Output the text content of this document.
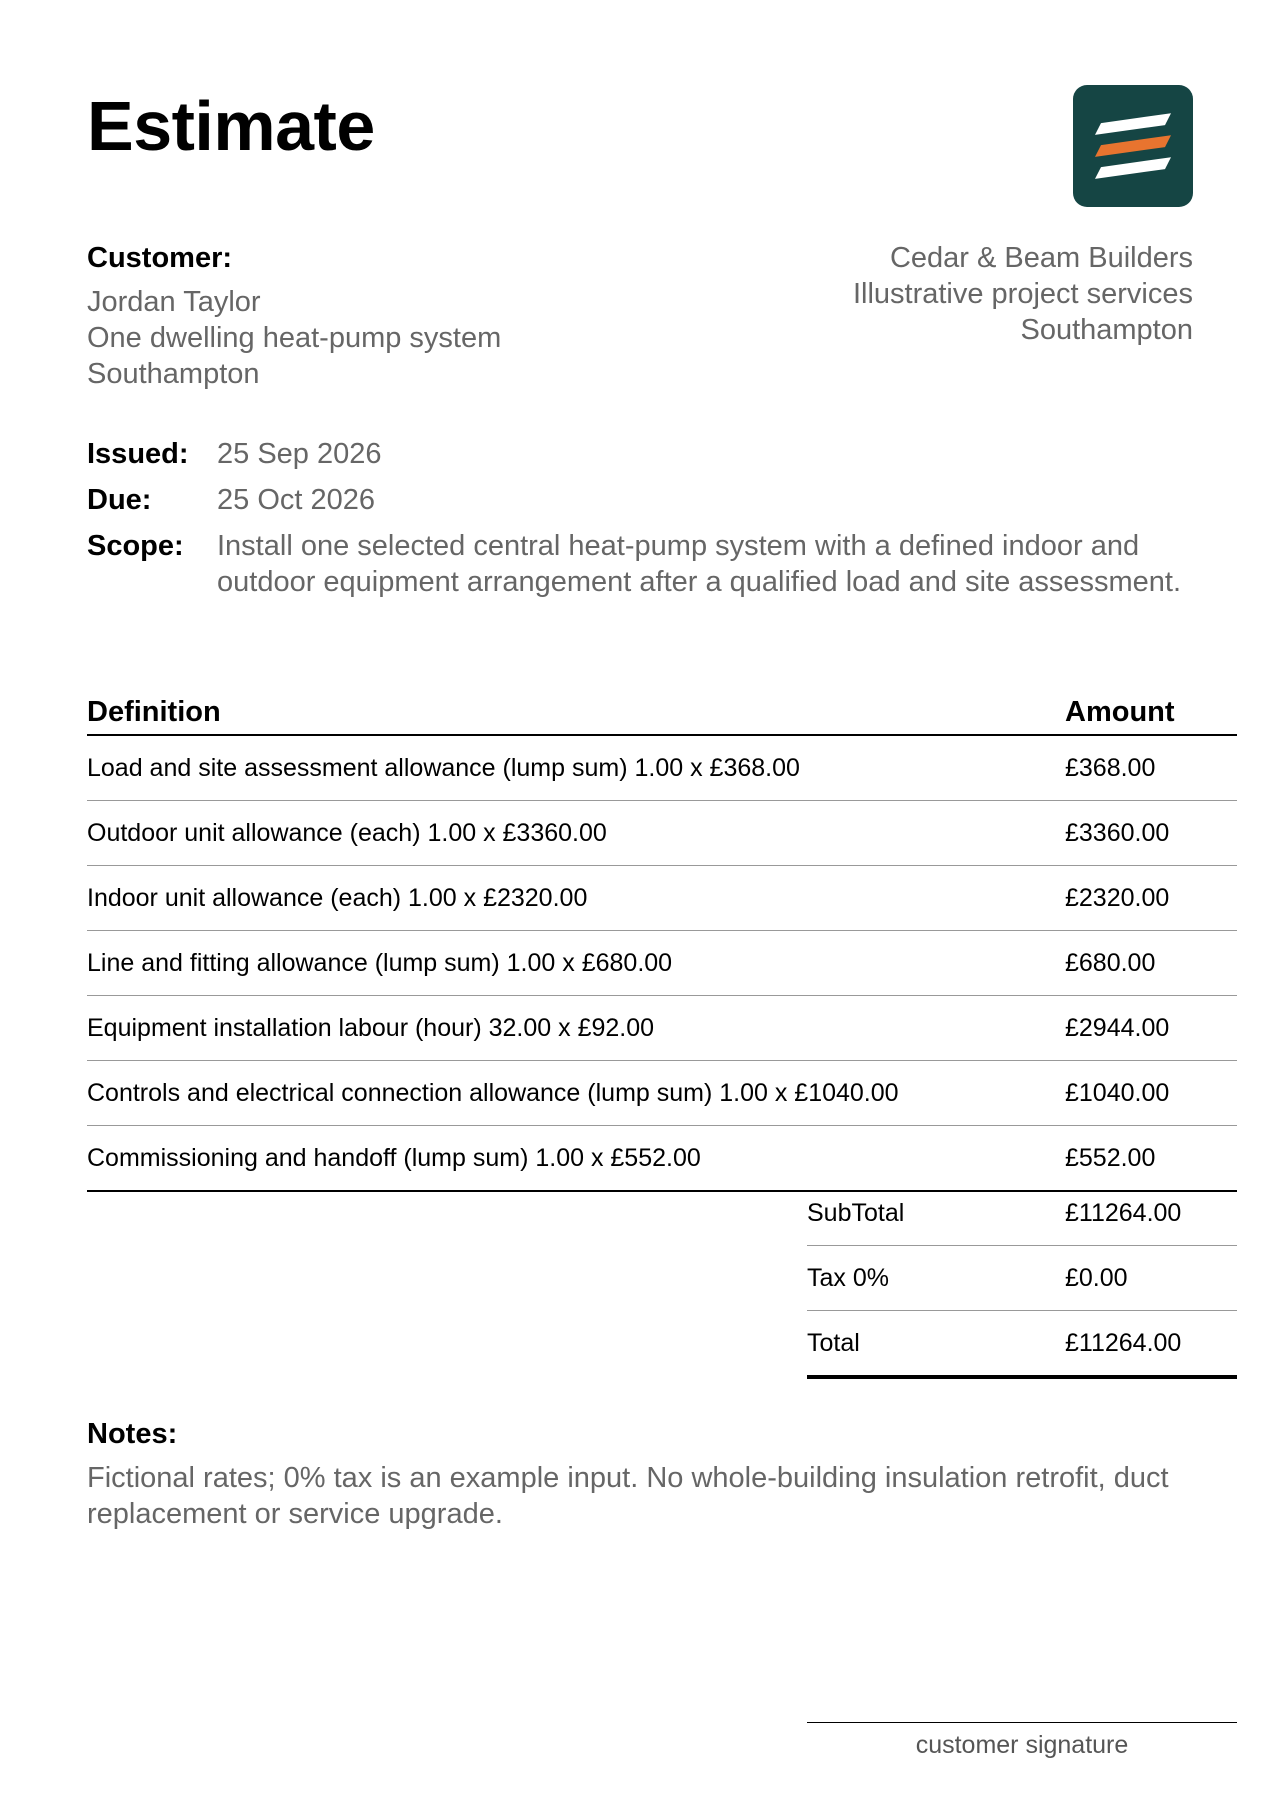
Estimate
Customer:
Jordan Taylor
One dwelling heat-pump system
Southampton
Cedar & Beam Builders
Illustrative project services
Southampton
Issued: 25 Sep 2026
Due:	25 Oct 2026
Scope:	Install one selected central heat-pump system with a defined indoor and outdoor equipment arrangement after a qualified load and site assessment.
Definition	Amount
Load and site assessment allowance (lump sum) 1.00 x £368.00	£368.00
Outdoor unit allowance (each) 1.00 x £3360.00	£3360.00
Indoor unit allowance (each) 1.00 x £2320.00	£2320.00
Line and fitting allowance (lump sum) 1.00 x £680.00	£680.00
Equipment installation labour (hour) 32.00 x £92.00	£2944.00
Controls and electrical connection allowance (lump sum) 1.00 x £1040.00	£1040.00
Commissioning and handoff (lump sum) 1.00 x £552.00	£552.00
SubTotal	£11264.00
Tax 0%	£0.00
Total	£11264.00
Notes:
Fictional rates; 0% tax is an example input. No whole-building insulation retrofit, duct replacement or service upgrade.
customer signature
